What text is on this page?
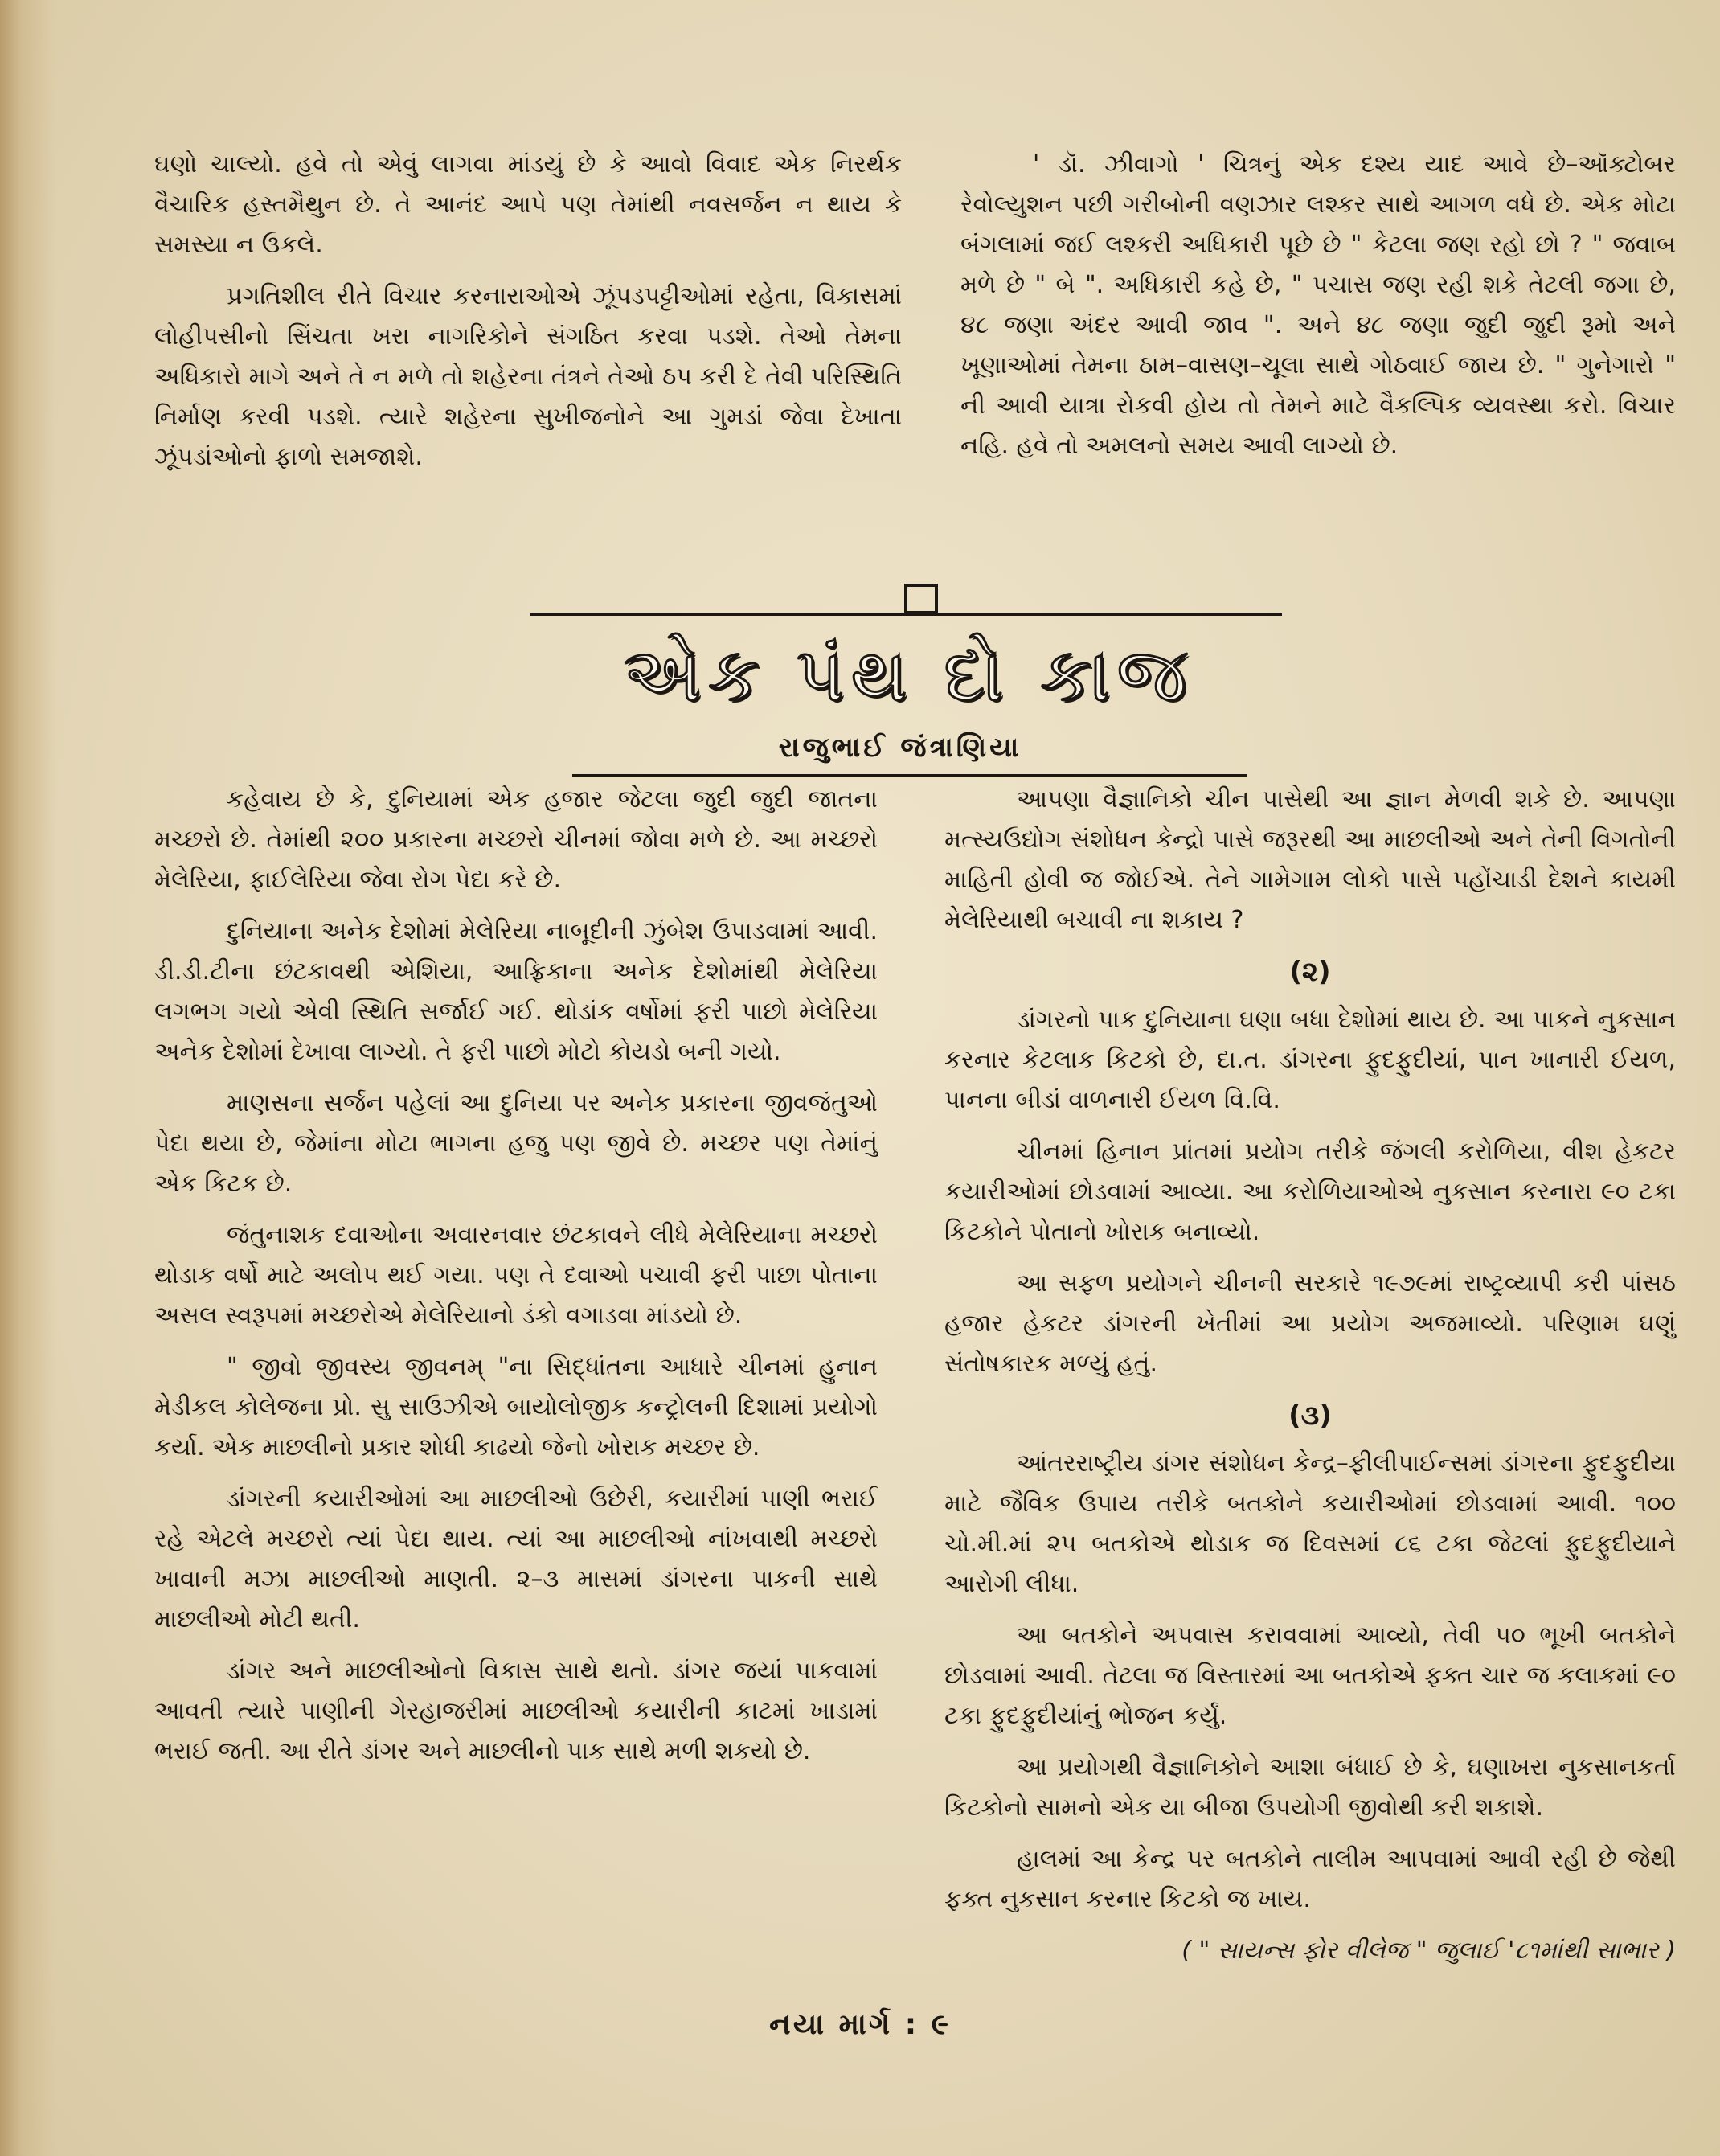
ઘણો ચાલ્યો. હવે તો એવું લાગવા માંડયું છે કે આવો વિવાદ એક નિરર્થક વૈચારિક હસ્તમૈથુન છે. તે આનંદ આપે પણ તેમાંથી નવસર્જન ન થાય કે સમસ્યા ન ઉકલે.

પ્રગતિશીલ રીતે વિચાર કરનારાઓએ ઝૂંપડપટ્ટીઓમાં રહેતા, વિકાસમાં લોહીપસીનો સિંચતા ખરા નાગરિકોને સંગઠિત કરવા પડશે. તેઓ તેમના અધિકારો માગે અને તે ન મળે તો શહેરના તંત્રને તેઓ ઠપ કરી દે તેવી પરિસ્થિતિ નિર્માણ કરવી પડશે. ત્યારે શહેરના સુખીજનોને આ ગુમડાં જેવા દેખાતા ઝૂંપડાંઓનો ફાળો સમજાશે.

' ડૉ. ઝીવાગો ' ચિત્રનું એક દશ્ય યાદ આવે છે–ઑક્ટોબર રેવોલ્યુશન પછી ગરીબોની વણઝાર લશ્કર સાથે આગળ વધે છે. એક મોટા બંગલામાં જઈ લશ્કરી અધિકારી પૂછે છે " કેટલા જણ રહો છો ? " જવાબ મળે છે " બે ". અધિકારી કહે છે, " પચાસ જણ રહી શકે તેટલી જગા છે, ૪૮ જણા અંદર આવી જાવ ". અને ૪૮ જણા જુદી જુદી રૂમો અને ખૂણાઓમાં તેમના ઠામ–વાસણ–ચૂલા સાથે ગોઠવાઈ જાય છે. " ગુનેગારો " ની આવી યાત્રા રોકવી હોય તો તેમને માટે વૈકલ્પિક વ્યવસ્થા કરો. વિચાર નહિ. હવે તો અમલનો સમય આવી લાગ્યો છે.

એક પંથ દો કાજ
રાજુભાઈ જંત્રાણિયા

કહેવાય છે કે, દુનિયામાં એક હજાર જેટલા જુદી જુદી જાતના મચ્છરો છે. તેમાંથી ૨૦૦ પ્રકારના મચ્છરો ચીનમાં જોવા મળે છે. આ મચ્છરો મેલેરિયા, ફાઈલેરિયા જેવા રોગ પેદા કરે છે.

દુનિયાના અનેક દેશોમાં મેલેરિયા નાબૂદીની ઝુંબેશ ઉપાડવામાં આવી. ડી.ડી.ટીના છંટકાવથી એશિયા, આફ્રિકાના અનેક દેશોમાંથી મેલેરિયા લગભગ ગયો એવી સ્થિતિ સર્જાઈ ગઈ. થોડાંક વર્ષોમાં ફરી પાછો મેલેરિયા અનેક દેશોમાં દેખાવા લાગ્યો. તે ફરી પાછો મોટો કોયડો બની ગયો.

માણસના સર્જન પહેલાં આ દુનિયા પર અનેક પ્રકારના જીવજંતુઓ પેદા થયા છે, જેમાંના મોટા ભાગના હજુ પણ જીવે છે. મચ્છર પણ તેમાંનું એક કિટક છે.

જંતુનાશક દવાઓના અવારનવાર છંટકાવને લીધે મેલેરિયાના મચ્છરો થોડાક વર્ષો માટે અલોપ થઈ ગયા. પણ તે દવાઓ પચાવી ફરી પાછા પોતાના અસલ સ્વરૂપમાં મચ્છરોએ મેલેરિયાનો ડંકો વગાડવા માંડયો છે.

" જીવો જીવસ્ય જીવનમ્ "ના સિદ્ધાંતના આધારે ચીનમાં હુનાન મેડીકલ કોલેજના પ્રો. સુ સાઉઝીએ બાયોલોજીક કન્ટ્રોલની દિશામાં પ્રયોગો કર્યા. એક માછલીનો પ્રકાર શોધી કાઢયો જેનો ખોરાક મચ્છર છે.

ડાંગરની કયારીઓમાં આ માછલીઓ ઉછેરી, કયારીમાં પાણી ભરાઈ રહે એટલે મચ્છરો ત્યાં પેદા થાય. ત્યાં આ માછલીઓ નાંખવાથી મચ્છરો ખાવાની મઝા માછલીઓ માણતી. ૨–૩ માસમાં ડાંગરના પાકની સાથે માછલીઓ મોટી થતી.

ડાંગર અને માછલીઓનો વિકાસ સાથે થતો. ડાંગર જયાં પાકવામાં આવતી ત્યારે પાણીની ગેરહાજરીમાં માછલીઓ કયારીની કાટમાં ખાડામાં ભરાઈ જતી. આ રીતે ડાંગર અને માછલીનો પાક સાથે મળી શકયો છે.

આપણા વૈજ્ઞાનિકો ચીન પાસેથી આ જ્ઞાન મેળવી શકે છે. આપણા મત્સ્યઉદ્યોગ સંશોધન કેન્દ્રો પાસે જરૂરથી આ માછલીઓ અને તેની વિગતોની માહિતી હોવી જ જોઈએ. તેને ગામેગામ લોકો પાસે પહોંચાડી દેશને કાયમી મેલેરિયાથી બચાવી ના શકાય ?

(૨)

ડાંગરનો પાક દુનિયાના ઘણા બધા દેશોમાં થાય છે. આ પાકને નુકસાન કરનાર કેટલાક કિટકો છે, દા.ત. ડાંગરના ફુદફુદીયાં, પાન ખાનારી ઈયળ, પાનના બીડાં વાળનારી ઈયળ વિ.વિ.

ચીનમાં હિનાન પ્રાંતમાં પ્રયોગ તરીકે જંગલી કરોળિયા, વીશ હેકટર કયારીઓમાં છોડવામાં આવ્યા. આ કરોળિયાઓએ નુકસાન કરનારા ૯૦ ટકા કિટકોને પોતાનો ખોરાક બનાવ્યો.

આ સફળ પ્રયોગને ચીનની સરકારે ૧૯૭૯માં રાષ્ટ્રવ્યાપી કરી પાંસઠ હજાર હેકટર ડાંગરની ખેતીમાં આ પ્રયોગ અજમાવ્યો. પરિણામ ઘણું સંતોષકારક મળ્યું હતું.

(૩)

આંતરરાષ્ટ્રીય ડાંગર સંશોધન કેન્દ્ર–ફીલીપાઈન્સમાં ડાંગરના ફુદફુદીયા માટે જૈવિક ઉપાય તરીકે બતકોને કયારીઓમાં છોડવામાં આવી. ૧૦૦ ચો.મી.માં ૨૫ બતકોએ થોડાક જ દિવસમાં ૮૬ ટકા જેટલાં ફુદફુદીયાને આરોગી લીધા.

આ બતકોને અપવાસ કરાવવામાં આવ્યો, તેવી ૫૦ ભૂખી બતકોને છોડવામાં આવી. તેટલા જ વિસ્તારમાં આ બતકોએ ફક્ત ચાર જ કલાકમાં ૯૦ ટકા ફુદફુદીયાંનું ભોજન કર્યું.

આ પ્રયોગથી વૈજ્ઞાનિકોને આશા બંધાઈ છે કે, ઘણાખરા નુકસાનકર્તા કિટકોનો સામનો એક યા બીજા ઉપયોગી જીવોથી કરી શકાશે.

હાલમાં આ કેન્દ્ર પર બતકોને તાલીમ આપવામાં આવી રહી છે જેથી ફક્ત નુકસાન કરનાર કિટકો જ ખાય.

( " સાયન્સ ફોર વીલેજ " જુલાઈ '૮૧માંથી સાભાર )
નયા માર્ગ : ૯
